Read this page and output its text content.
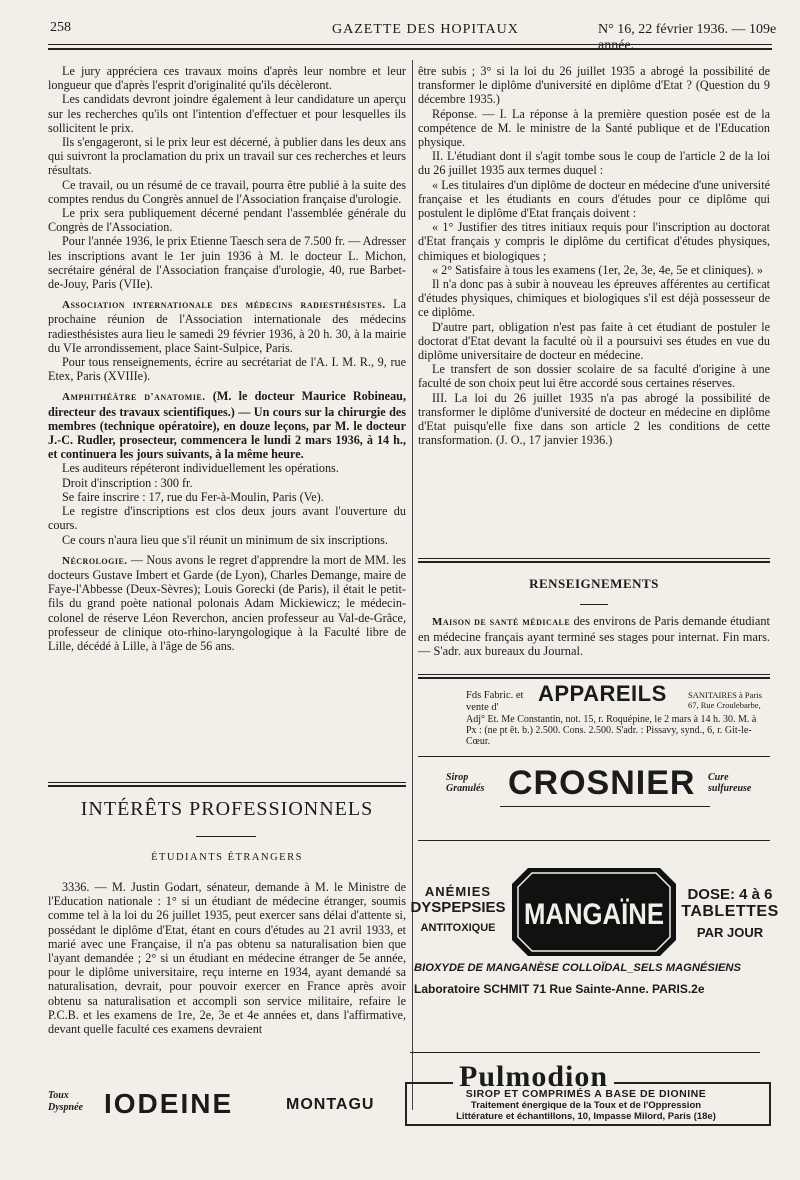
258	GAZETTE DES HOPITAUX	N° 16, 22 février 1936. — 109e année.

Le jury appréciera ces travaux moins d'après leur nombre et leur longueur que d'après l'esprit d'originalité qu'ils décèleront.

Les candidats devront joindre également à leur candidature un aperçu sur les recherches qu'ils ont l'intention d'effectuer et pour lesquelles ils sollicitent le prix.

Ils s'engageront, si le prix leur est décerné, à publier dans les deux ans qui suivront la proclamation du prix un travail sur ces recherches et leurs résultats.

Ce travail, ou un résumé de ce travail, pourra être publié à la suite des comptes rendus du Congrès annuel de l'Association française d'urologie.

Le prix sera publiquement décerné pendant l'assemblée générale du Congrès de l'Association.

Pour l'année 1936, le prix Etienne Taesch sera de 7.500 fr. — Adresser les inscriptions avant le 1er juin 1936 à M. le docteur L. Michon, secrétaire général de l'Association française d'urologie, 40, rue Barbet-de-Jouy, Paris (VIIe).

Association internationale des médecins radiesthésistes. La prochaine réunion de l'Association internationale des médecins radiesthésistes aura lieu le samedi 29 février 1936, à 20 h. 30, à la mairie du VIe arrondissement, place Saint-Sulpice, Paris.

Pour tous renseignements, écrire au secrétariat de l'A. I. M. R., 9, rue Etex, Paris (XVIIIe).

Amphithéâtre d'anatomie. (M. le docteur Maurice Robineau, directeur des travaux scientifiques.) — Un cours sur la chirurgie des membres (technique opératoire), en douze leçons, par M. le docteur J.-C. Rudler, prosecteur, commencera le lundi 2 mars 1936, à 14 h., et continuera les jours suivants, à la même heure.

Les auditeurs répéteront individuellement les opérations.

Droit d'inscription : 300 fr.

Se faire inscrire : 17, rue du Fer-à-Moulin, Paris (Ve).

Le registre d'inscriptions est clos deux jours avant l'ouverture du cours.

Ce cours n'aura lieu que s'il réunit un minimum de six inscriptions.

Nécrologie. — Nous avons le regret d'apprendre la mort de MM. les docteurs Gustave Imbert et Garde (de Lyon), Charles Demange, maire de Faye-l'Abbesse (Deux-Sèvres); Louis Gorecki (de Paris), il était le petit-fils du grand poète national polonais Adam Mickiewicz; le médecin-colonel de réserve Léon Reverchon, ancien professeur au Val-de-Grâce, professeur de clinique oto-rhino-laryngologique à la Faculté libre de Lille, décédé à Lille, à l'âge de 56 ans.

INTÉRÊTS PROFESSIONNELS
ÉTUDIANTS ÉTRANGERS

3336. — M. Justin Godart, sénateur, demande à M. le Ministre de l'Education nationale : 1° si un étudiant de médecine étranger, soumis comme tel à la loi du 26 juillet 1935, peut exercer sans délai d'attente si, possédant le diplôme d'Etat, étant en cours d'études au 21 avril 1933, et marié avec une Française, il n'a pas obtenu sa naturalisation bien que l'ayant demandée ; 2° si un étudiant en médecine étranger de 5e année, pour le diplôme universitaire, reçu interne en 1934, ayant demandé sa naturalisation, devrait, pour pouvoir exercer en France après avoir obtenu sa naturalisation et accompli son service militaire, refaire le P.C.B. et les examens de 1re, 2e, 3e et 4e années et, dans l'affirmative, devant quelle faculté ces examens devraient

Toux Dyspnée IODEINE	MONTAGU

être subis ; 3° si la loi du 26 juillet 1935 a abrogé la possibilité de transformer le diplôme d'université en diplôme d'Etat ? (Question du 9 décembre 1935.)

Réponse. — I. La réponse à la première question posée est de la compétence de M. le ministre de la Santé publique et de l'Education physique.

II. L'étudiant dont il s'agit tombe sous le coup de l'article 2 de la loi du 26 juillet 1935 aux termes duquel :

« Les titulaires d'un diplôme de docteur en médecine d'une université française et les étudiants en cours d'études pour ce diplôme qui postulent le diplôme d'Etat français doivent :

« 1° Justifier des titres initiaux requis pour l'inscription au doctorat d'Etat français y compris le diplôme du certificat d'études physiques, chimiques et biologiques ;

« 2° Satisfaire à tous les examens (1er, 2e, 3e, 4e, 5e et cliniques). »

Il n'a donc pas à subir à nouveau les épreuves afférentes au certificat d'études physiques, chimiques et biologiques s'il est déjà possesseur de ce diplôme.

D'autre part, obligation n'est pas faite à cet étudiant de postuler le doctorat d'Etat devant la faculté où il a poursuivi ses études en vue du diplôme universitaire de docteur en médecine.

Le transfert de son dossier scolaire de sa faculté d'origine à une faculté de son choix peut lui être accordé sous certaines réserves.

III. La loi du 26 juillet 1935 n'a pas abrogé la possibilité de transformer le diplôme d'université de docteur en médecine en diplôme d'Etat puisqu'elle fixe dans son article 2 les conditions de cette transformation. (J. O., 17 janvier 1936.)

RENSEIGNEMENTS

Maison de santé médicale des environs de Paris demande étudiant en médecine français ayant terminé ses stages pour internat. Fin mars. — S'adr. aux bureaux du Journal.

Fds Fabric. et vente d'
APPAREILS SANITAIRES à Paris 67, Rue Croulebarbe,
Adj° Et. Me Constantin, not. 15, r. Roquépine, le 2 mars à 14 h. 30. M. à Px : (ne pt êt. b.) 2.500. Cons. 2.500. S'adr. : Pissavy, synd., 6, r. Git-le-Cœur.
Sirop Granulés CROSNIER Cure sulfureuse
ANÉMIES
DYSPEPSIES
ANTITOXIQUE MANGAÏNE
DOSE: 4 à 6
TABLETTES
PAR JOUR
BIOXYDE DE MANGANÈSE COLLOÏDAL_SELS MAGNÉSIENS
Laboratoire SCHMIT 71 Rue Sainte-Anne. PARIS.2e
Pulmodion
SIROP ET COMPRIMÉS A BASE DE DIONINE
Traitement énergique de la Toux et de l'Oppression
Littérature et échantillons, 10, Impasse Milord, Paris (18e)
